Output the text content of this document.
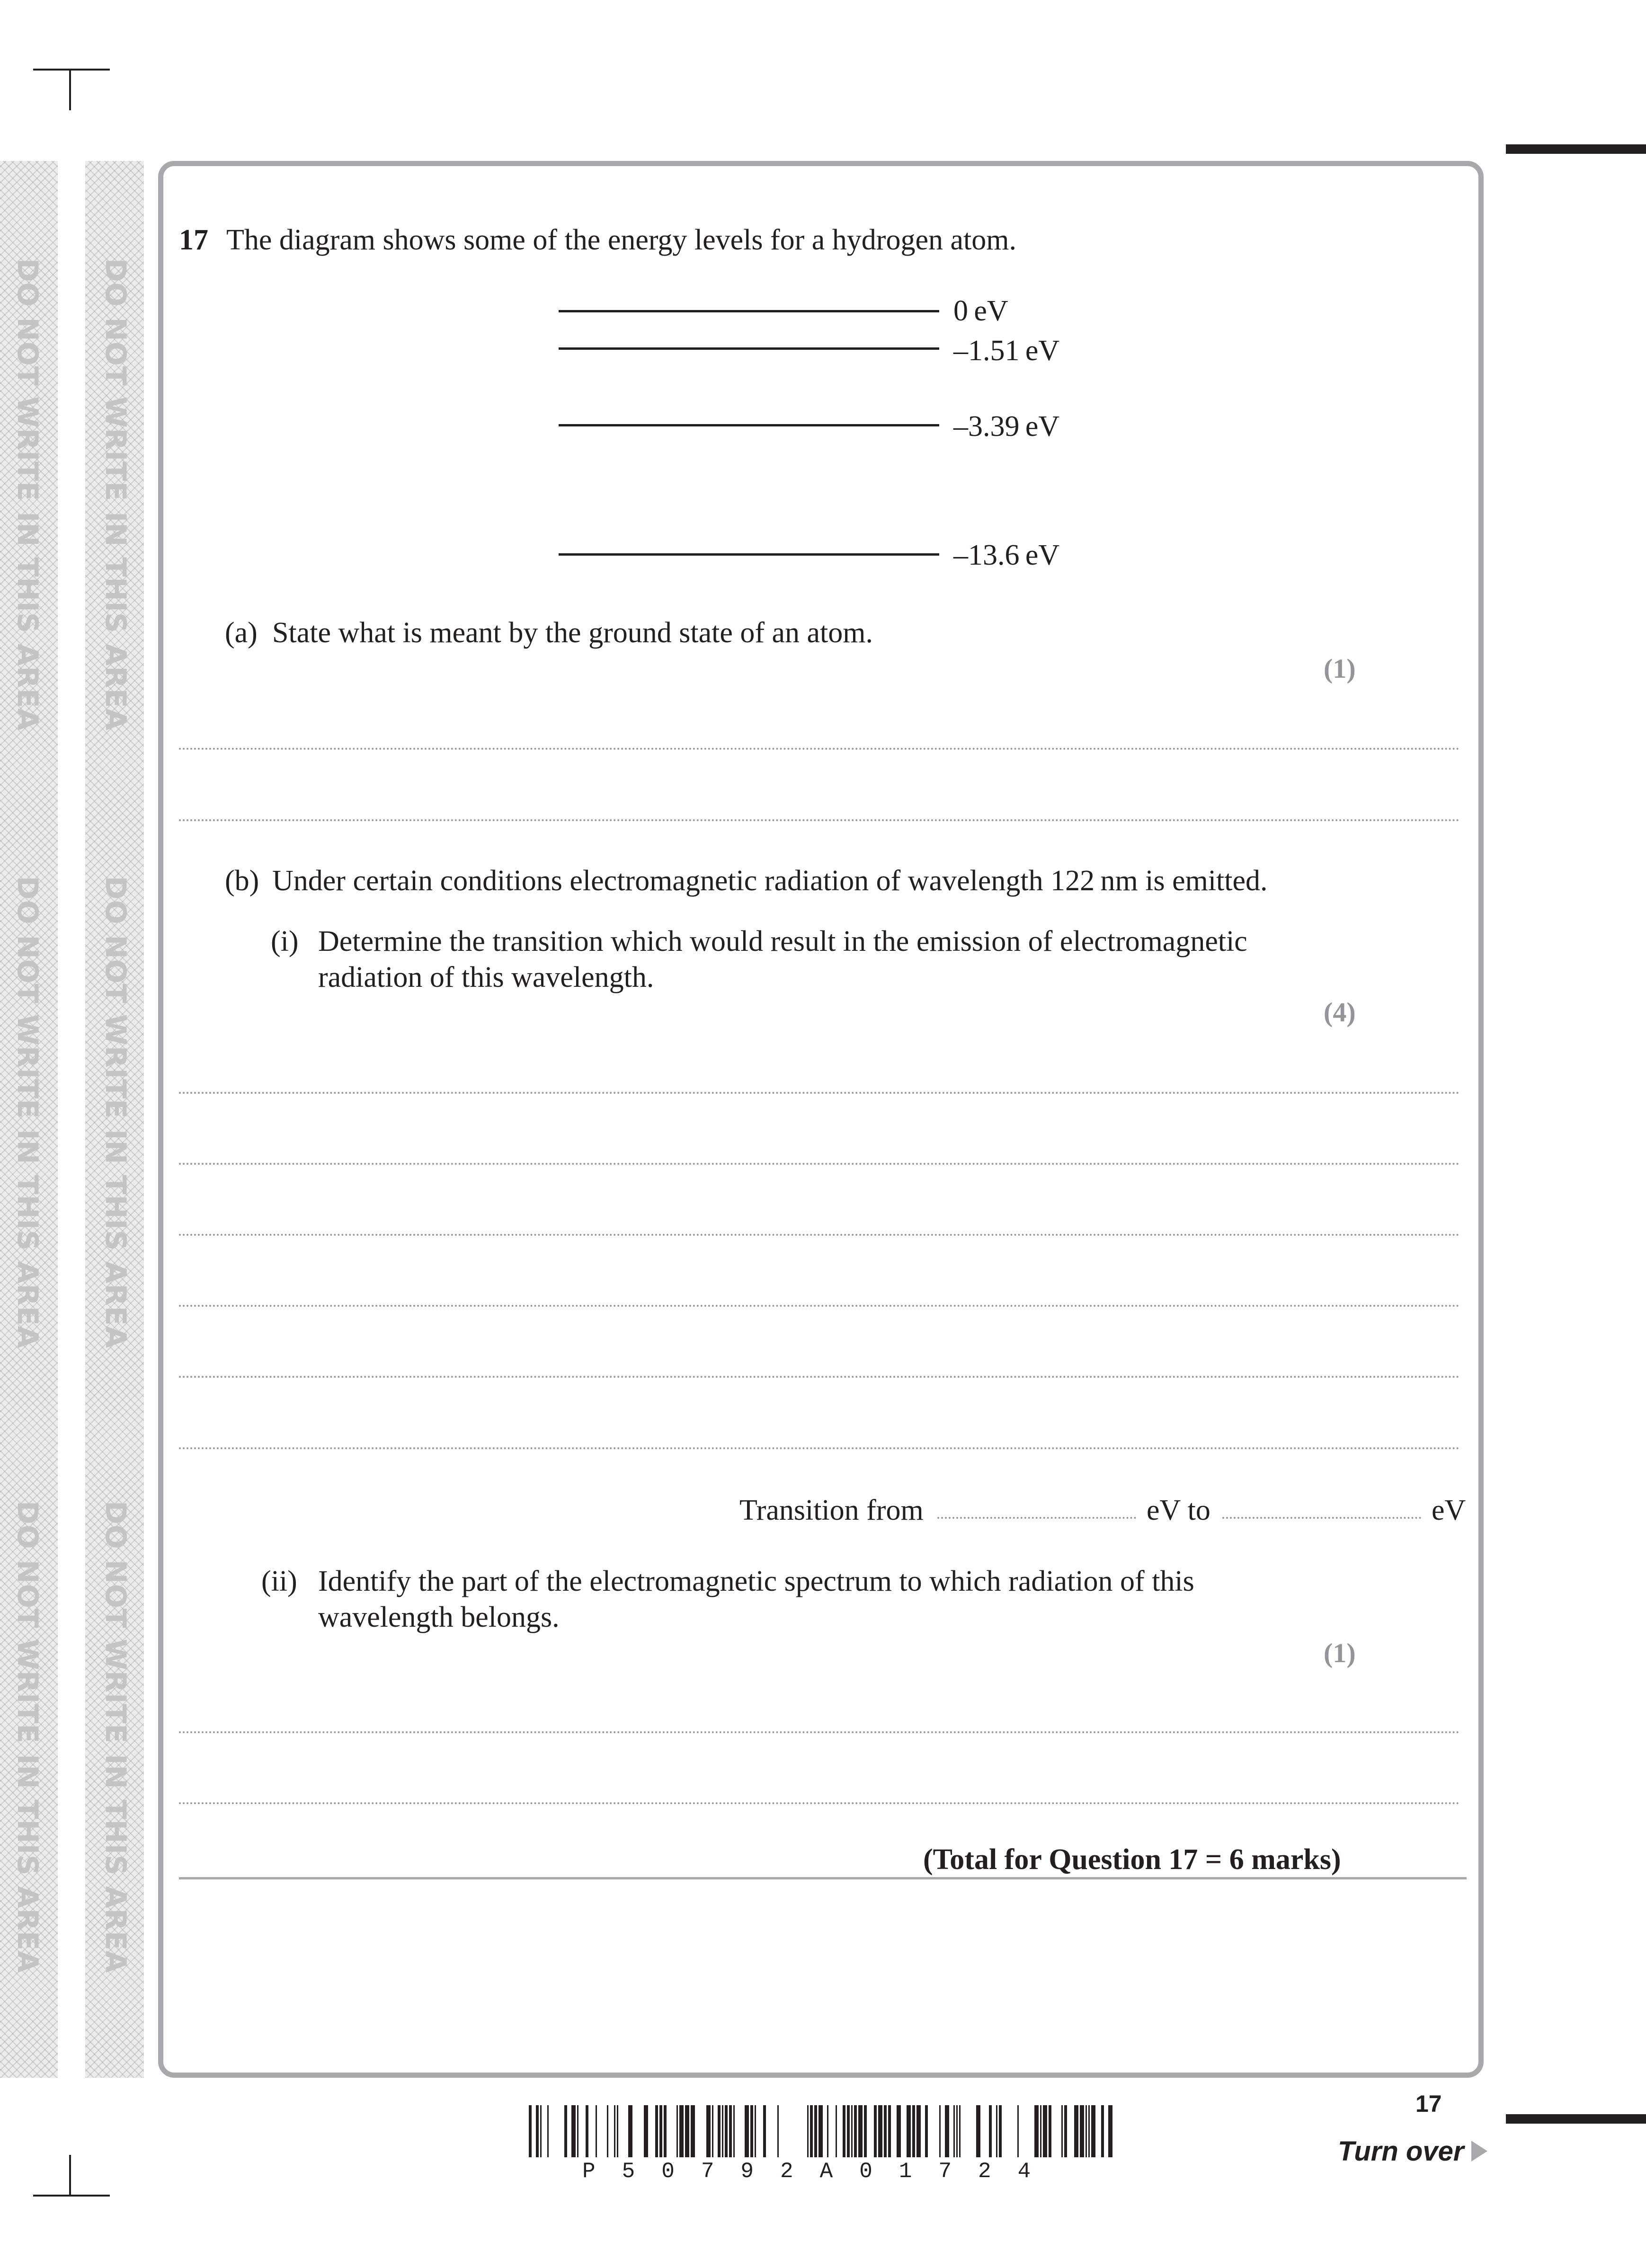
DO NOT WRITE IN THIS AREA
DO NOT WRITE IN THIS AREA
DO NOT WRITE IN THIS AREA
DO NOT WRITE IN THIS AREA
DO NOT WRITE IN THIS AREA
DO NOT WRITE IN THIS AREA
17 The diagram shows some of the energy levels for a hydrogen atom.
0 eV
–1.51 eV
–3.39 eV
–13.6 eV
(a) State what is meant by the ground state of an atom.
(1)
(b) Under certain conditions electromagnetic radiation of wavelength 122 nm is emitted.
(i) Determine the transition which would result in the emission of electromagnetic
radiation of this wavelength.
(4)
Transition from	eV to	eV
(ii) Identify the part of the electromagnetic spectrum to which radiation of this
wavelength belongs.
(1)
(Total for Question 17 = 6 marks)
P50792A01724
17
Turn over
